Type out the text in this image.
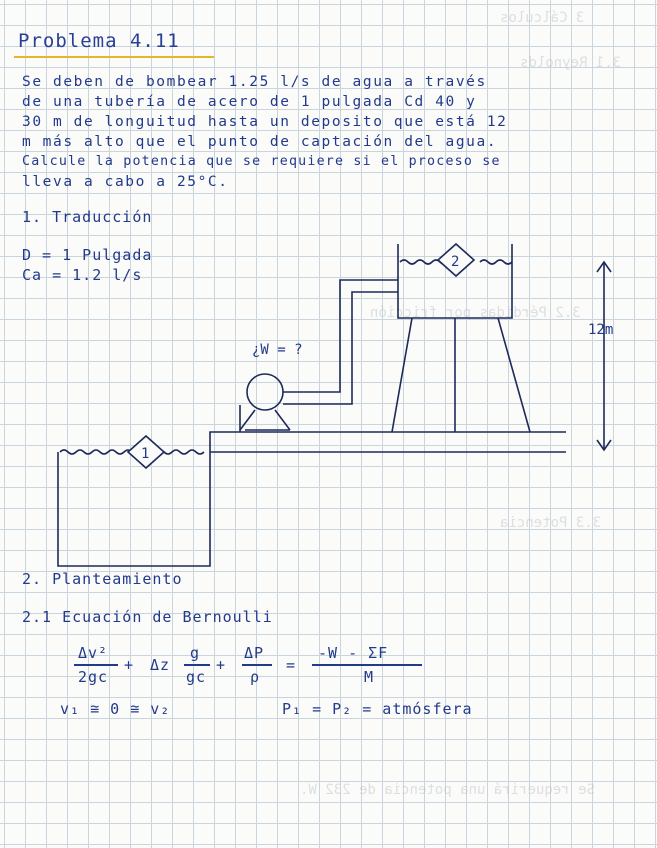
3 Cálculos
3.1 Reynolds
3.2 Pérdidas por fricción
3.3 Potencia
Se requerirá una potencia de 232 W.
Problema 4.11
Se deben de bombear 1.25 l/s de agua a través
de una tubería de acero de 1 pulgada Cd 40 y
30 m de longuitud hasta un deposito que está 12
m más alto que el punto de captación del agua.
Calcule la potencia que se requiere si el proceso se
lleva a cabo a 25°C.
1. Traducción
D = 1 Pulgada
Ca = 1.2 l/s
1
2
¿W = ?
12m
2. Planteamiento
2.1 Ecuación de Bernoulli
Δv²
2gc
+ Δz
g
gc
+
ΔP
ρ
=
-W - ΣF
M
v₁ ≅ 0 ≅ v₂	P₁ = P₂ = atmósfera
